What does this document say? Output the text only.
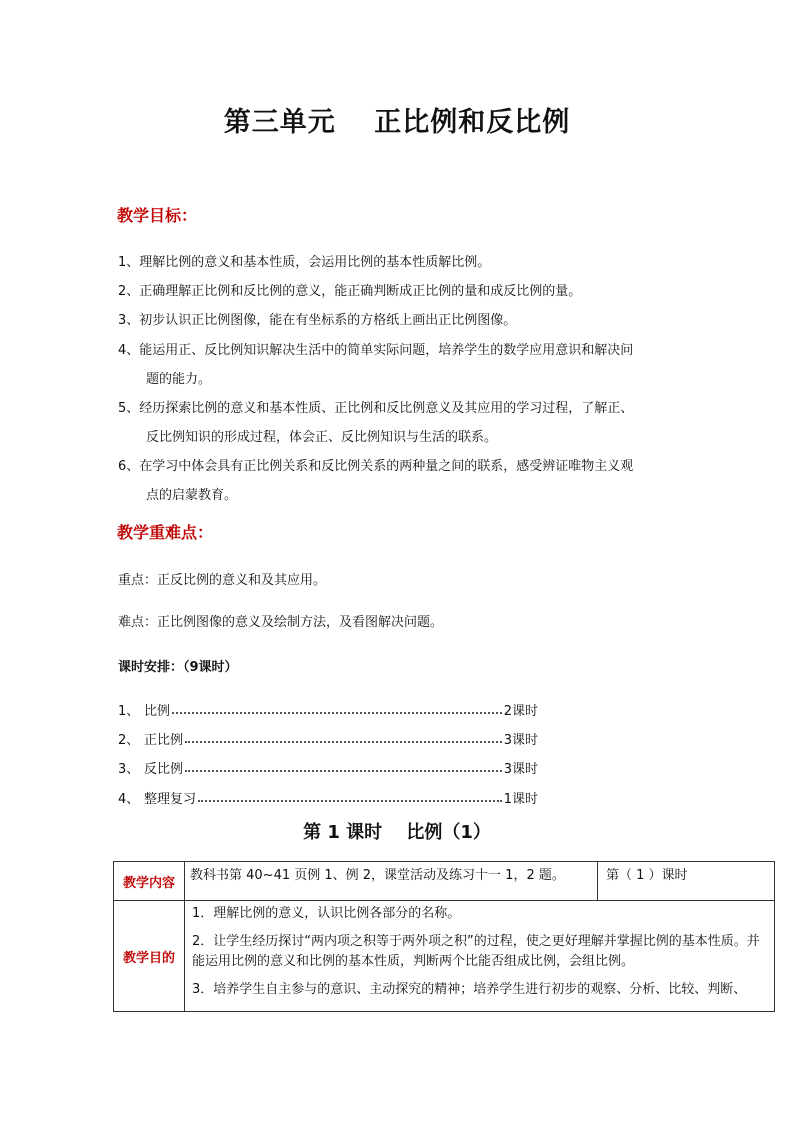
第三单元　 正比例和反比例
教学目标：
1、理解比例的意义和基本性质，会运用比例的基本性质解比例。
2、正确理解正比例和反比例的意义，能正确判断成正比例的量和成反比例的量。
3、初步认识正比例图像，能在有坐标系的方格纸上画出正比例图像。
4、能运用正、反比例知识解决生活中的简单实际问题，培养学生的数学应用意识和解决问
题的能力。
5、经历探索比例的意义和基本性质、正比例和反比例意义及其应用的学习过程，了解正、
反比例知识的形成过程，体会正、反比例知识与生活的联系。
6、在学习中体会具有正比例关系和反比例关系的两种量之间的联系，感受辨证唯物主义观
点的启蒙教育。
教学重难点：
重点：正反比例的意义和及其应用。
难点：正比例图像的意义及绘制方法，及看图解决问题。
课时安排：（9课时）
1、 比例	2课时
2、 正比例	3课时
3、 反比例	3课时
4、 整理复习	1课时
第 1 课时　 比例（1）
教学内容	教科书第 40~41 页例 1、例 2，课堂活动及练习十一 1，2 题。	第（ 1 ）课时
教学目的	1．理解比例的意义，认识比例各部分的名称。

2．让学生经历探讨“两内项之积等于两外项之积”的过程，使之更好理解并掌握比例的基本性质。并能运用比例的意义和比例的基本性质，判断两个比能否组成比例，会组比例。

3．培养学生自主参与的意识、主动探究的精神；培养学生进行初步的观察、分析、比较、判断、	
